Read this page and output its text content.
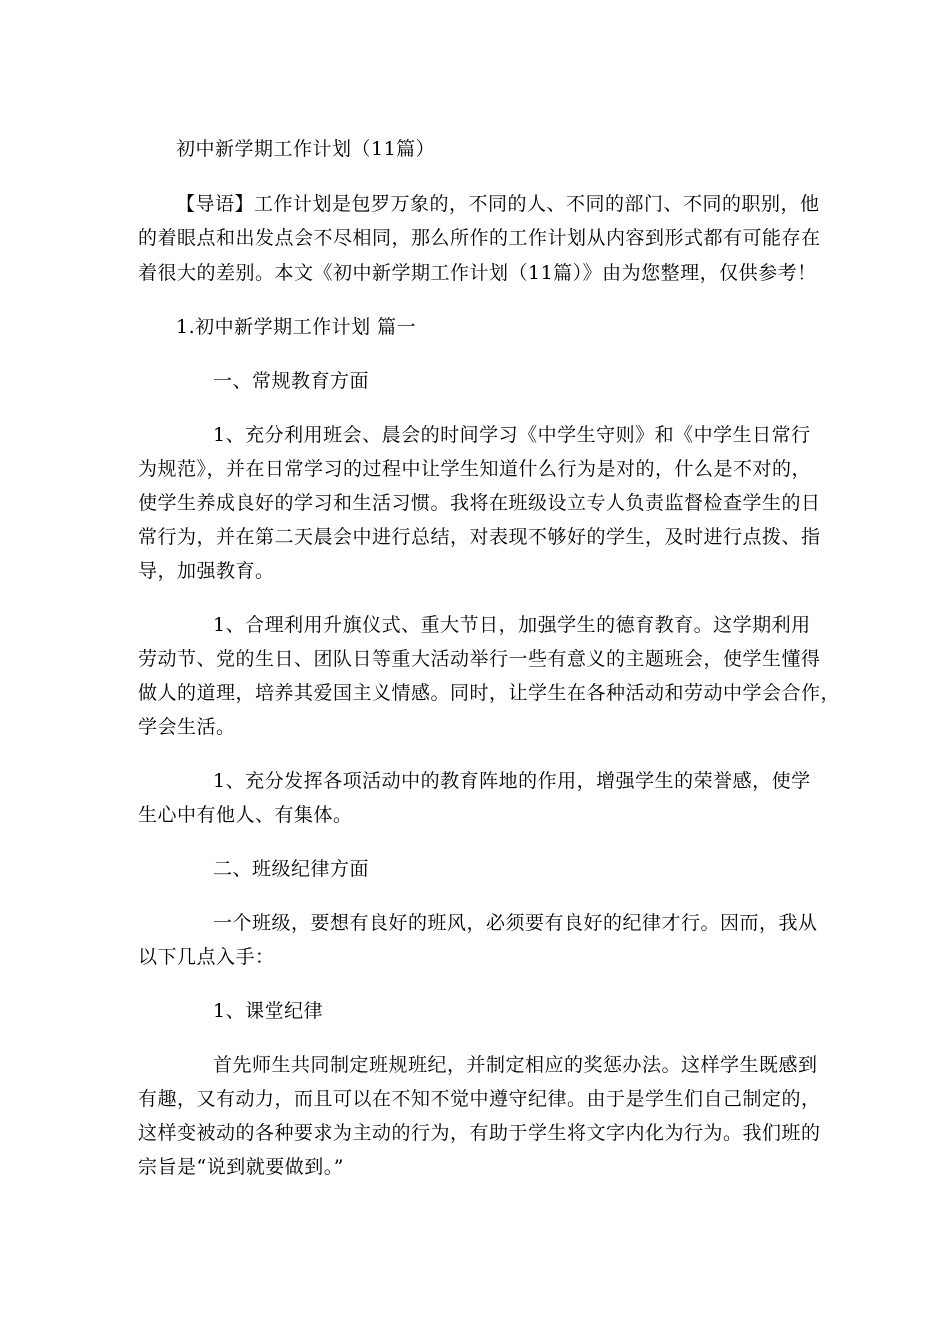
初中新学期工作计划（11篇）
【导语】工作计划是包罗万象的，不同的人、不同的部门、不同的职别，他
的着眼点和出发点会不尽相同，那么所作的工作计划从内容到形式都有可能存在
着很大的差别。本文《初中新学期工作计划（11篇）》由为您整理，仅供参考！
1.初中新学期工作计划 篇一
一、常规教育方面
1、充分利用班会、晨会的时间学习《中学生守则》和《中学生日常行
为规范》，并在日常学习的过程中让学生知道什么行为是对的，什么是不对的，
使学生养成良好的学习和生活习惯。我将在班级设立专人负责监督检查学生的日
常行为，并在第二天晨会中进行总结，对表现不够好的学生，及时进行点拨、指
导，加强教育。
1、合理利用升旗仪式、重大节日，加强学生的德育教育。这学期利用
劳动节、党的生日、团队日等重大活动举行一些有意义的主题班会，使学生懂得
做人的道理，培养其爱国主义情感。同时，让学生在各种活动和劳动中学会合作，
学会生活。
1、充分发挥各项活动中的教育阵地的作用，增强学生的荣誉感，使学
生心中有他人、有集体。
二、班级纪律方面
一个班级，要想有良好的班风，必须要有良好的纪律才行。因而，我从
以下几点入手：
1、课堂纪律
首先师生共同制定班规班纪，并制定相应的奖惩办法。这样学生既感到
有趣，又有动力，而且可以在不知不觉中遵守纪律。由于是学生们自己制定的，
这样变被动的各种要求为主动的行为，有助于学生将文字内化为行为。我们班的
宗旨是“说到就要做到。”
